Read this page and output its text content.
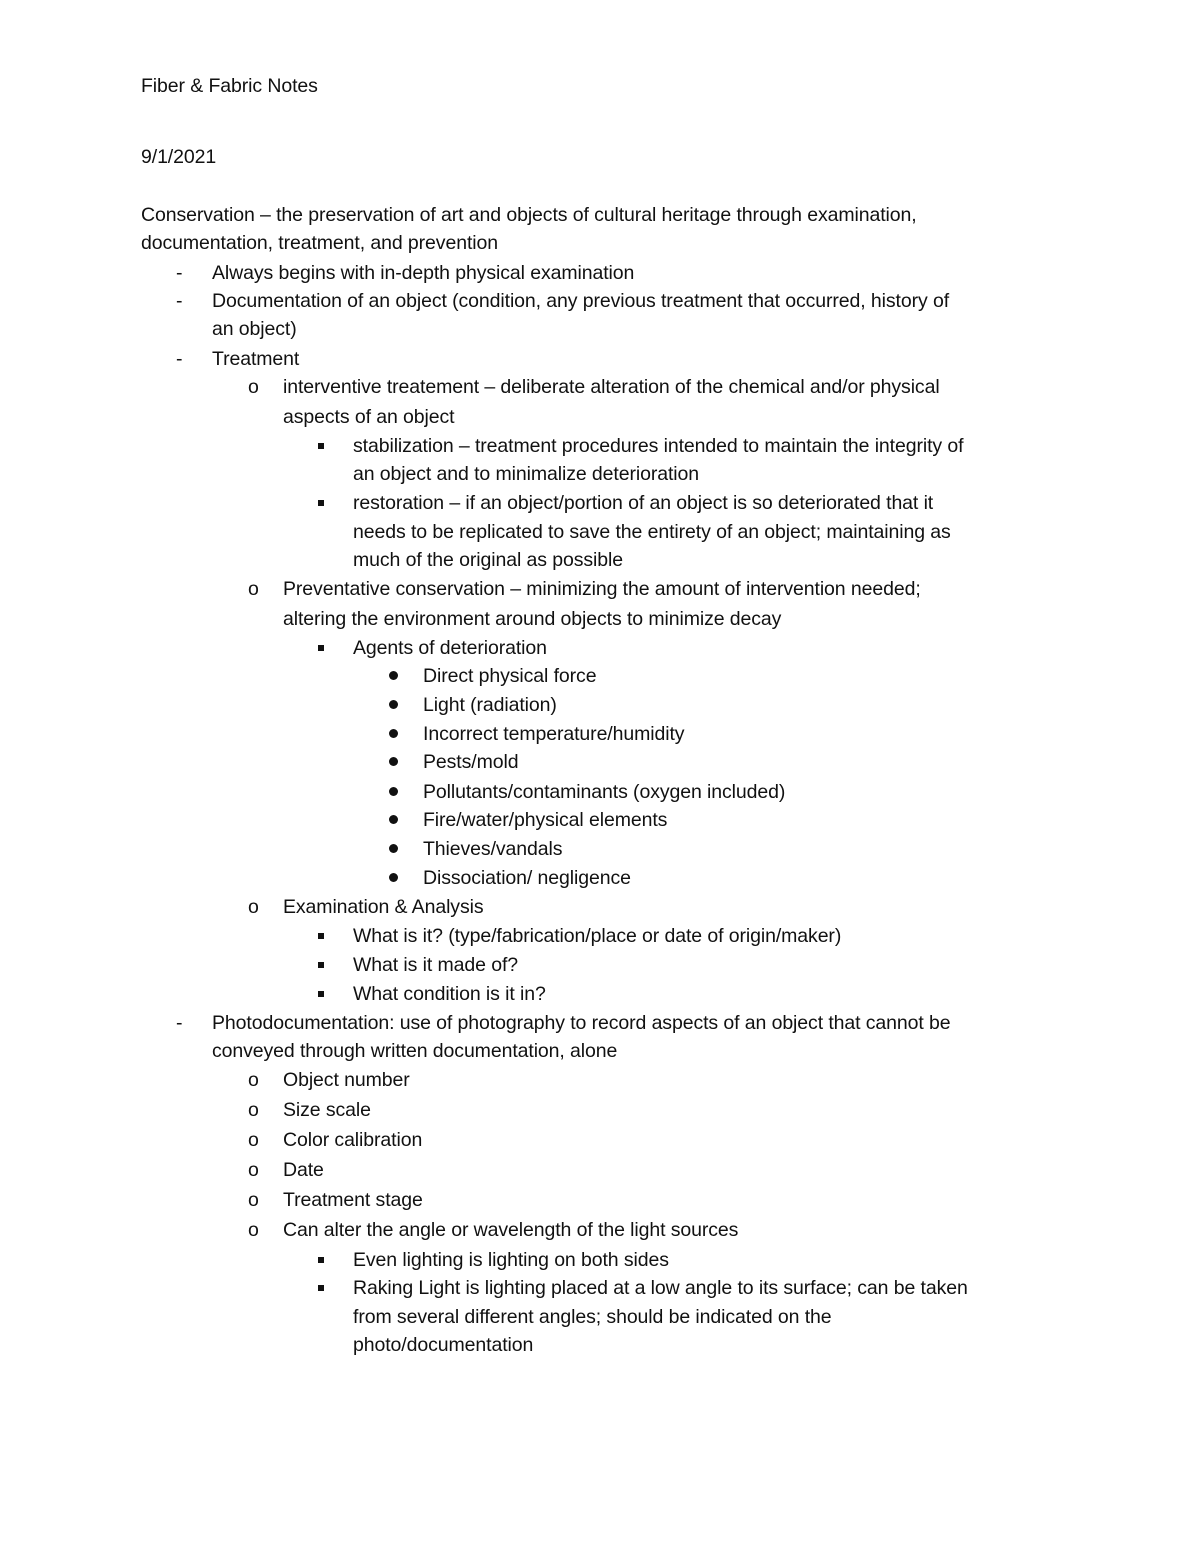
Fiber & Fabric Notes
9/1/2021
Conservation – the preservation of art and objects of cultural heritage through examination,
documentation, treatment, and prevention
- Always begins with in-depth physical examination
- Documentation of an object (condition, any previous treatment that occurred, history of
an object)
- Treatment
o interventive treatement – deliberate alteration of the chemical and/or physical
aspects of an object
stabilization – treatment procedures intended to maintain the integrity of
an object and to minimalize deterioration
restoration – if an object/portion of an object is so deteriorated that it
needs to be replicated to save the entirety of an object; maintaining as
much of the original as possible
o Preventative conservation – minimizing the amount of intervention needed;
altering the environment around objects to minimize decay
Agents of deterioration
Direct physical force
Light (radiation)
Incorrect temperature/humidity
Pests/mold
Pollutants/contaminants (oxygen included)
Fire/water/physical elements
Thieves/vandals
Dissociation/ negligence
o Examination & Analysis
What is it? (type/fabrication/place or date of origin/maker)
What is it made of?
What condition is it in?
- Photodocumentation: use of photography to record aspects of an object that cannot be
conveyed through written documentation, alone
o Object number
o Size scale
o Color calibration
o Date
o Treatment stage
o Can alter the angle or wavelength of the light sources
Even lighting is lighting on both sides
Raking Light is lighting placed at a low angle to its surface; can be taken
from several different angles; should be indicated on the
photo/documentation
